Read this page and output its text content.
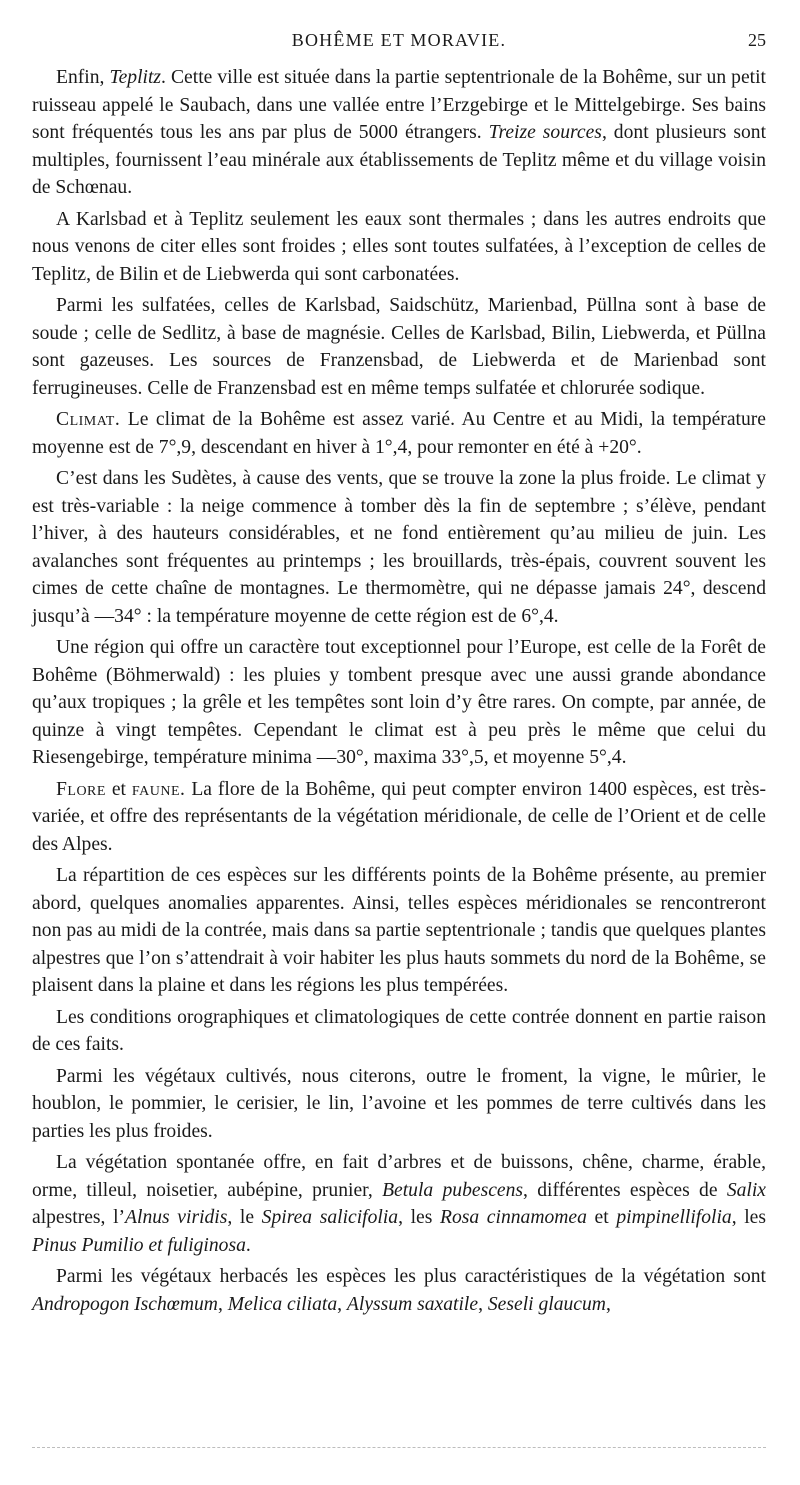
BOHÊME ET MORAVIE.	25

Enfin, Teplitz. Cette ville est située dans la partie septentrionale de la Bohême, sur un petit ruisseau appelé le Saubach, dans une vallée entre l’Erzgebirge et le Mittelgebirge. Ses bains sont fréquentés tous les ans par plus de 5000 étrangers. Treize sources, dont plusieurs sont multiples, fournissent l’eau minérale aux établissements de Teplitz même et du village voisin de Schœnau.

A Karlsbad et à Teplitz seulement les eaux sont thermales ; dans les autres endroits que nous venons de citer elles sont froides ; elles sont toutes sulfatées, à l’exception de celles de Teplitz, de Bilin et de Liebwerda qui sont carbonatées.

Parmi les sulfatées, celles de Karlsbad, Saidschütz, Marienbad, Püllna sont à base de soude ; celle de Sedlitz, à base de magnésie. Celles de Karlsbad, Bilin, Liebwerda, et Püllna sont gazeuses. Les sources de Franzensbad, de Liebwerda et de Marienbad sont ferrugineuses. Celle de Franzensbad est en même temps sulfatée et chlorurée sodique.

Climat. Le climat de la Bohême est assez varié. Au Centre et au Midi, la température moyenne est de 7°,9, descendant en hiver à 1°,4, pour remonter en été à +20°.

C’est dans les Sudètes, à cause des vents, que se trouve la zone la plus froide. Le climat y est très-variable : la neige commence à tomber dès la fin de septembre ; s’élève, pendant l’hiver, à des hauteurs considérables, et ne fond entièrement qu’au milieu de juin. Les avalanches sont fréquentes au printemps ; les brouillards, très-épais, couvrent souvent les cimes de cette chaîne de montagnes. Le thermomètre, qui ne dépasse jamais 24°, descend jusqu’à —34° : la température moyenne de cette région est de 6°,4.

Une région qui offre un caractère tout exceptionnel pour l’Europe, est celle de la Forêt de Bohême (Böhmerwald) : les pluies y tombent presque avec une aussi grande abondance qu’aux tropiques ; la grêle et les tempêtes sont loin d’y être rares. On compte, par année, de quinze à vingt tempêtes. Cependant le climat est à peu près le même que celui du Riesengebirge, température minima —30°, maxima 33°,5, et moyenne 5°,4.

Flore et faune. La flore de la Bohême, qui peut compter environ 1400 espèces, est très-variée, et offre des représentants de la végétation méridionale, de celle de l’Orient et de celle des Alpes.

La répartition de ces espèces sur les différents points de la Bohême présente, au premier abord, quelques anomalies apparentes. Ainsi, telles espèces méridionales se rencontreront non pas au midi de la contrée, mais dans sa partie septentrionale ; tandis que quelques plantes alpestres que l’on s’attendrait à voir habiter les plus hauts sommets du nord de la Bohême, se plaisent dans la plaine et dans les régions les plus tempérées.

Les conditions orographiques et climatologiques de cette contrée donnent en partie raison de ces faits.

Parmi les végétaux cultivés, nous citerons, outre le froment, la vigne, le mûrier, le houblon, le pommier, le cerisier, le lin, l’avoine et les pommes de terre cultivés dans les parties les plus froides.

La végétation spontanée offre, en fait d’arbres et de buissons, chêne, charme, érable, orme, tilleul, noisetier, aubépine, prunier, Betula pubescens, différentes espèces de Salix alpestres, l’Alnus viridis, le Spirea salicifolia, les Rosa cinnamomea et pimpinellifolia, les Pinus Pumilio et fuliginosa.

Parmi les végétaux herbacés les espèces les plus caractéristiques de la végétation sont Andropogon Ischœmum, Melica ciliata, Alyssum saxatile, Seseli glaucum,
